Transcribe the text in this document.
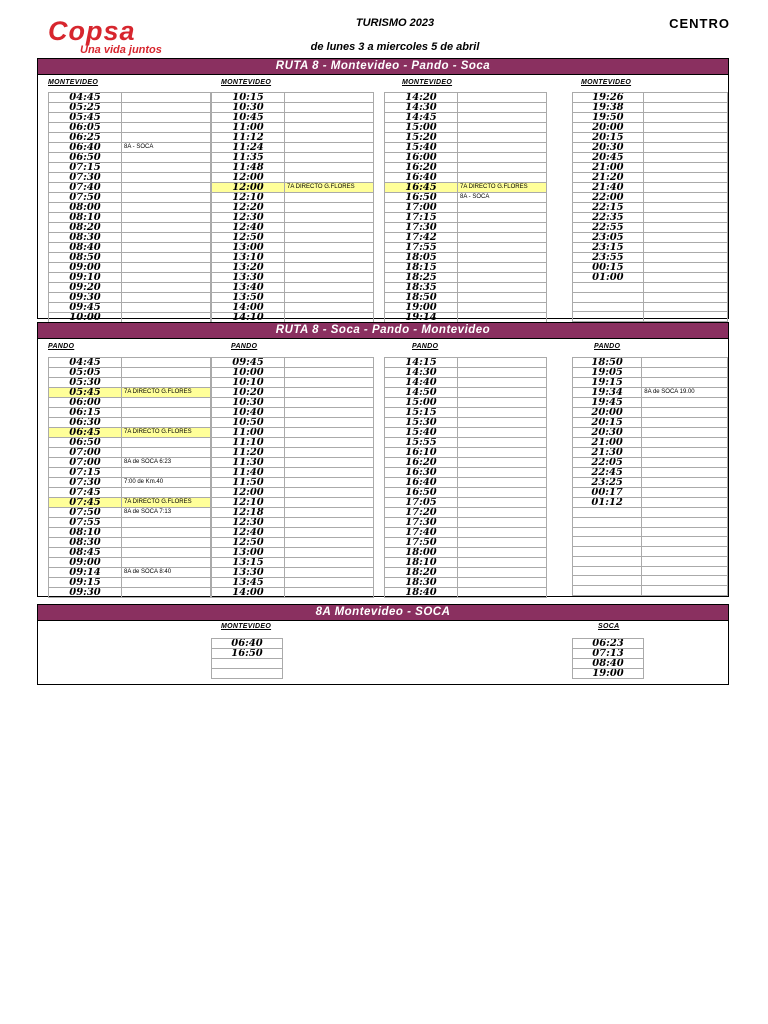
Copsa
Una vida juntos
TURISMO 2023
de lunes 3 a miercoles 5 de abril
CENTRO
RUTA 8 - Montevideo - Pando - Soca
MONTEVIDEO
04:45	
05:25	
05:45	
06:05	
06:25	
06:40	8A - SOCA
06:50	
07:15	
07:30	
07:40	
07:50	
08:00	
08:10	
08:20	
08:30	
08:40	
08:50	
09:00	
09:10	
09:20	
09:30	
09:45	
10:00	
MONTEVIDEO
10:15	
10:30	
10:45	
11:00	
11:12	
11:24	
11:35	
11:48	
12:00	
12:00	7A DIRECTO G.FLORES
12:10	
12:20	
12:30	
12:40	
12:50	
13:00	
13:10	
13:20	
13:30	
13:40	
13:50	
14:00	
14:10	
MONTEVIDEO
14:20	
14:30	
14:45	
15:00	
15:20	
15:40	
16:00	
16:20	
16:40	
16:45	7A DIRECTO G.FLORES
16:50	8A - SOCA
17:00	
17:15	
17:30	
17:42	
17:55	
18:05	
18:15	
18:25	
18:35	
18:50	
19:00	
19:14	
MONTEVIDEO
19:26	
19:38	
19:50	
20:00	
20:15	
20:30	
20:45	
21:00	
21:20	
21:40	
22:00	
22:15	
22:35	
22:55	
23:05	
23:15	
23:55	
00:15	
01:00	

RUTA 8 - Soca - Pando - Montevideo
PANDO
04:45	
05:05	
05:30	
05:45	7A DIRECTO G.FLORES
06:00	
06:15	
06:30	
06:45	7A DIRECTO G.FLORES
06:50	
07:00	
07:00	8A de SOCA 6:23
07:15	
07:30	7:00 de Km.40
07:45	
07:45	7A DIRECTO G.FLORES
07:50	8A de SOCA 7:13
07:55	
08:10	
08:30	
08:45	
09:00	
09:14	8A de SOCA 8:40
09:15	
09:30	
PANDO
09:45	
10:00	
10:10	
10:20	
10:30	
10:40	
10:50	
11:00	
11:10	
11:20	
11:30	
11:40	
11:50	
12:00	
12:10	
12:18	
12:30	
12:40	
12:50	
13:00	
13:15	
13:30	
13:45	
14:00	
PANDO
14:15	
14:30	
14:40	
14:50	
15:00	
15:15	
15:30	
15:40	
15:55	
16:10	
16:20	
16:30	
16:40	
16:50	
17:05	
17:20	
17:30	
17:40	
17:50	
18:00	
18:10	
18:20	
18:30	
18:40	
PANDO
18:50	
19:05	
19:15	
19:34	8A de SOCA 19.00
19:45	
20:00	
20:15	
20:30	
21:00	
21:30	
22:05	
22:45	
23:25	
00:17	
01:12	

8A Montevideo - SOCA
MONTEVIDEO
06:40
16:50

SOCA
06:23
07:13
08:40
19:00
